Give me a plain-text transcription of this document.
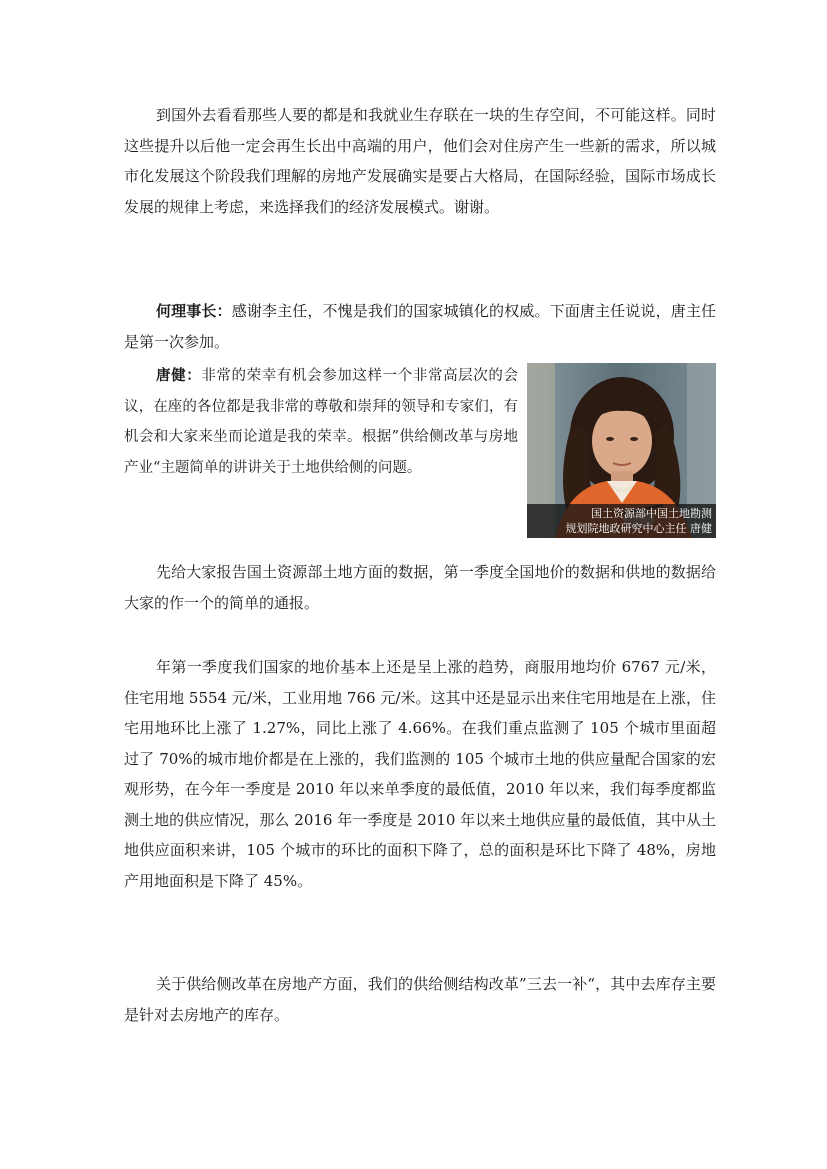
到国外去看看那些人要的都是和我就业生存联在一块的生存空间，不可能这样。同时这些提升以后他一定会再生长出中高端的用户，他们会对住房产生一些新的需求，所以城市化发展这个阶段我们理解的房地产发展确实是要占大格局，在国际经验，国际市场成长发展的规律上考虑，来选择我们的经济发展模式。谢谢。

何理事长：感谢李主任，不愧是我们的国家城镇化的权威。下面唐主任说说，唐主任是第一次参加。

唐健：非常的荣幸有机会参加这样一个非常高层次的会议，在座的各位都是我非常的尊敬和崇拜的领导和专家们，有机会和大家来坐而论道是我的荣幸。根据”供给侧改革与房地产业“主题简单的讲讲关于土地供给侧的问题。

国土资源部中国土地勘测
规划院地政研究中心主任 唐健

先给大家报告国土资源部土地方面的数据，第一季度全国地价的数据和供地的数据给大家的作一个的简单的通报。

年第一季度我们国家的地价基本上还是呈上涨的趋势，商服用地均价 6767 元/米，住宅用地 5554 元/米，工业用地 766 元/米。这其中还是显示出来住宅用地是在上涨，住宅用地环比上涨了 1.27%，同比上涨了 4.66%。在我们重点监测了 105 个城市里面超过了 70%的城市地价都是在上涨的，我们监测的 105 个城市土地的供应量配合国家的宏观形势，在今年一季度是 2010 年以来单季度的最低值，2010 年以来，我们每季度都监测土地的供应情况，那么 2016 年一季度是 2010 年以来土地供应量的最低值，其中从土地供应面积来讲，105 个城市的环比的面积下降了，总的面积是环比下降了 48%，房地产用地面积是下降了 45%。

关于供给侧改革在房地产方面，我们的供给侧结构改革”三去一补“，其中去库存主要是针对去房地产的库存。
